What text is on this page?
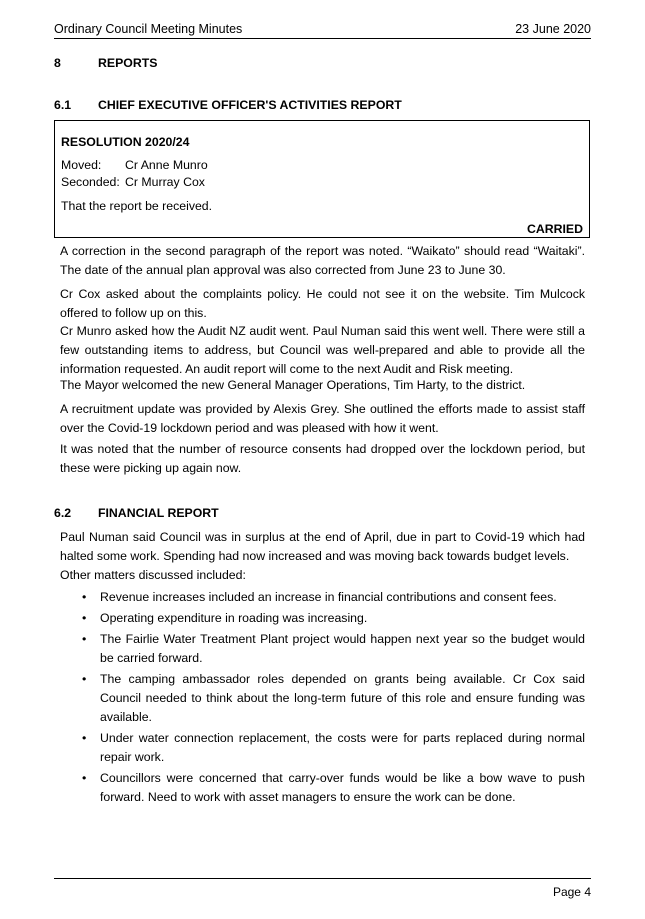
Ordinary Council Meeting Minutes	23 June 2020
8	REPORTS
6.1 CHIEF EXECUTIVE OFFICER'S ACTIVITIES REPORT
RESOLUTION 2020/24
Moved: Cr Anne Munro
Seconded: Cr Murray Cox
That the report be received.
CARRIED
A correction in the second paragraph of the report was noted. “Waikato” should read “Waitaki”. The date of the annual plan approval was also corrected from June 23 to June 30.
Cr Cox asked about the complaints policy. He could not see it on the website. Tim Mulcock offered to follow up on this.
Cr Munro asked how the Audit NZ audit went. Paul Numan said this went well. There were still a few outstanding items to address, but Council was well-prepared and able to provide all the information requested. An audit report will come to the next Audit and Risk meeting.
The Mayor welcomed the new General Manager Operations, Tim Harty, to the district.
A recruitment update was provided by Alexis Grey. She outlined the efforts made to assist staff over the Covid-19 lockdown period and was pleased with how it went.
It was noted that the number of resource consents had dropped over the lockdown period, but these were picking up again now.
6.2 FINANCIAL REPORT
Paul Numan said Council was in surplus at the end of April, due in part to Covid-19 which had halted some work. Spending had now increased and was moving back towards budget levels.
Other matters discussed included:
• Revenue increases included an increase in financial contributions and consent fees.
• Operating expenditure in roading was increasing.
• The Fairlie Water Treatment Plant project would happen next year so the budget would be carried forward.
• The camping ambassador roles depended on grants being available. Cr Cox said Council needed to think about the long-term future of this role and ensure funding was available.
• Under water connection replacement, the costs were for parts replaced during normal repair work.
• Councillors were concerned that carry-over funds would be like a bow wave to push forward. Need to work with asset managers to ensure the work can be done.
Page 4
